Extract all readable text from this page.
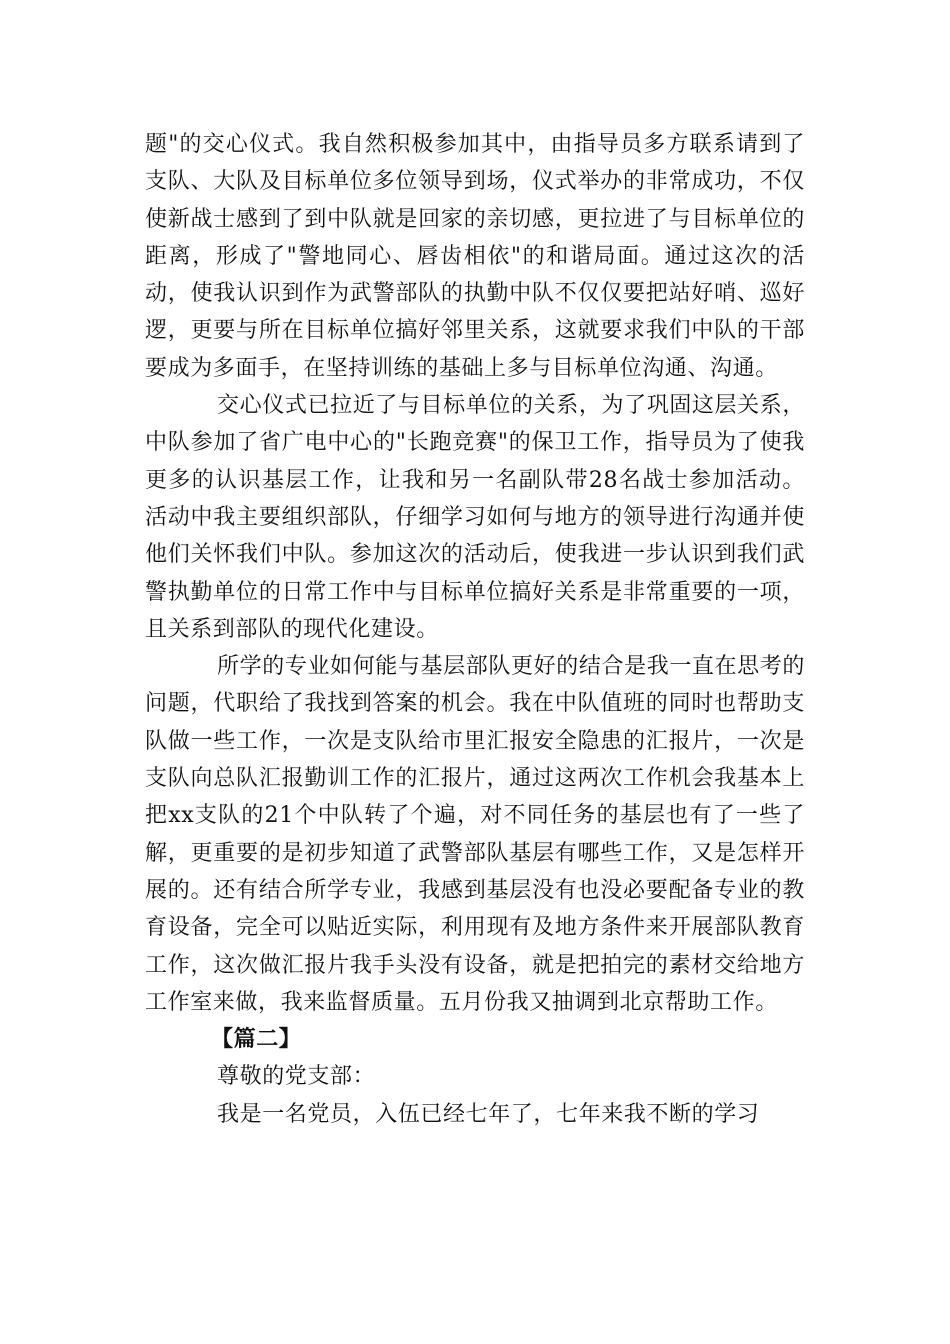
题"的交心仪式。我自然积极参加其中，由指导员多方联系请到了支队、大队及目标单位多位领导到场，仪式举办的非常成功，不仅使新战士感到了到中队就是回家的亲切感，更拉进了与目标单位的距离，形成了"警地同心、唇齿相依"的和谐局面。通过这次的活动，使我认识到作为武警部队的执勤中队不仅仅要把站好哨、巡好逻，更要与所在目标单位搞好邻里关系，这就要求我们中队的干部要成为多面手，在坚持训练的基础上多与目标单位沟通、沟通。

交心仪式已拉近了与目标单位的关系，为了巩固这层关系，中队参加了省广电中心的"长跑竞赛"的保卫工作，指导员为了使我更多的认识基层工作，让我和另一名副队带28名战士参加活动。活动中我主要组织部队，仔细学习如何与地方的领导进行沟通并使他们关怀我们中队。参加这次的活动后，使我进一步认识到我们武警执勤单位的日常工作中与目标单位搞好关系是非常重要的一项，且关系到部队的现代化建设。

所学的专业如何能与基层部队更好的结合是我一直在思考的问题，代职给了我找到答案的机会。我在中队值班的同时也帮助支队做一些工作，一次是支队给市里汇报安全隐患的汇报片，一次是支队向总队汇报勤训工作的汇报片，通过这两次工作机会我基本上把xx支队的21个中队转了个遍，对不同任务的基层也有了一些了解，更重要的是初步知道了武警部队基层有哪些工作，又是怎样开展的。还有结合所学专业，我感到基层没有也没必要配备专业的教育设备，完全可以贴近实际，利用现有及地方条件来开展部队教育工作，这次做汇报片我手头没有设备，就是把拍完的素材交给地方工作室来做，我来监督质量。五月份我又抽调到北京帮助工作。

【篇二】

尊敬的党支部：

我是一名党员，入伍已经七年了，七年来我不断的学习
